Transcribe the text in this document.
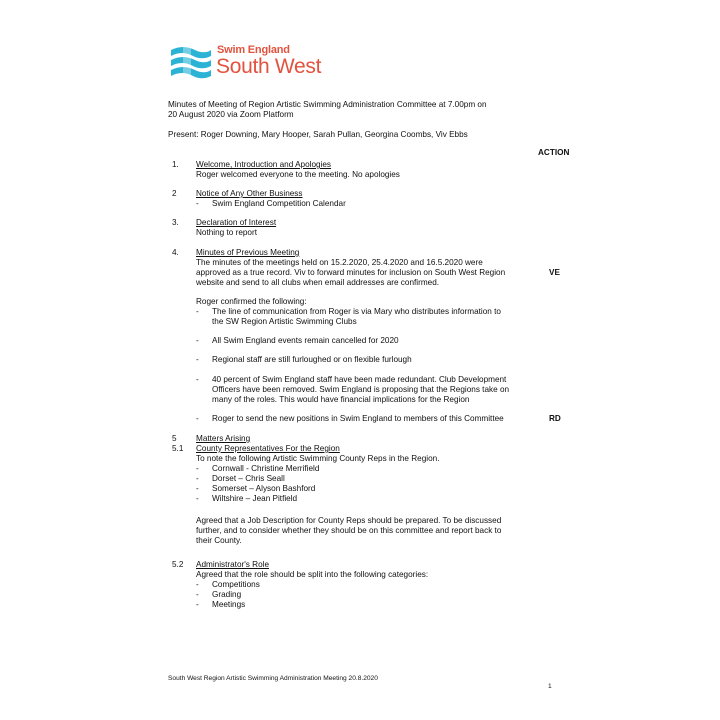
Swim England
South West
Minutes of Meeting of Region Artistic Swimming Administration Committee at 7.00pm on
20 August 2020 via Zoom Platform
Present: Roger Downing, Mary Hooper, Sarah Pullan, Georgina Coombs, Viv Ebbs
ACTION
1. Welcome, Introduction and Apologies
Roger welcomed everyone to the meeting. No apologies
2 Notice of Any Other Business
- Swim England Competition Calendar
3. Declaration of Interest
Nothing to report
4. Minutes of Previous Meeting
The minutes of the meetings held on 15.2.2020, 25.4.2020 and 16.5.2020 were
approved as a true record. Viv to forward minutes for inclusion on South West Region
website and send to all clubs when email addresses are confirmed.
VE
Roger confirmed the following:
- The line of communication from Roger is via Mary who distributes information to
the SW Region Artistic Swimming Clubs
- All Swim England events remain cancelled for 2020
- Regional staff are still furloughed or on flexible furlough
- 40 percent of Swim England staff have been made redundant. Club Development
Officers have been removed. Swim England is proposing that the Regions take on
many of the roles. This would have financial implications for the Region
- Roger to send the new positions in Swim England to members of this Committee	RD
5 Matters Arising
5.1 County Representatives For the Region
To note the following Artistic Swimming County Reps in the Region.
- Cornwall - Christine Merrifield
- Dorset – Chris Seall
- Somerset – Alyson Bashford
- Wiltshire – Jean Pitfield
Agreed that a Job Description for County Reps should be prepared. To be discussed
further, and to consider whether they should be on this committee and report back to
their County.
5.2 Administrator's Role
Agreed that the role should be split into the following categories:
- Competitions
- Grading
- Meetings
South West Region Artistic Swimming Administration Meeting 20.8.2020
1
